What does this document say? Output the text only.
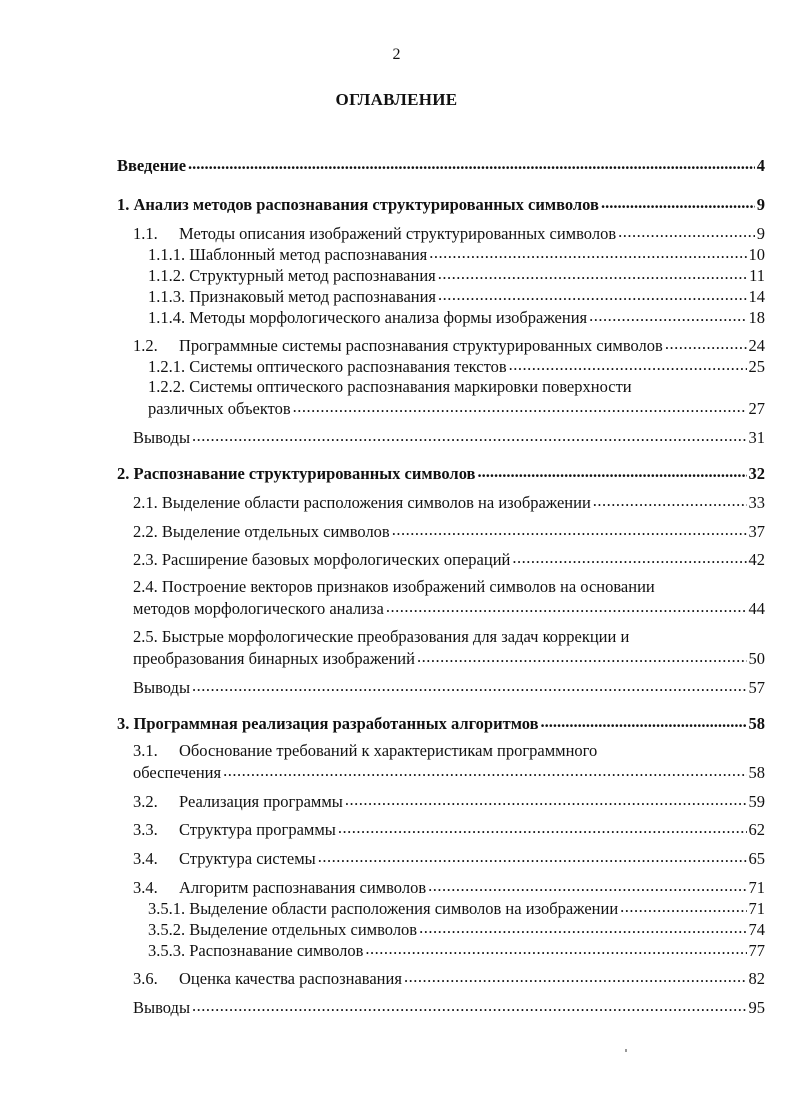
2
ОГЛАВЛЕНИЕ
Введение .....	4
1. Анализ методов распознавания структурированных символов .....	9
1.1.	Методы описания изображений структурированных символов .....	9
1.1.1. Шаблонный метод распознавания .....	10
1.1.2. Структурный метод распознавания .....	11
1.1.3. Признаковый метод распознавания .....	14
1.1.4. Методы морфологического анализа формы изображения .....	18
1.2.	Программные системы распознавания структурированных символов .....	24
1.2.1. Системы оптического распознавания текстов .....	25
1.2.2. Системы оптического распознавания маркировки поверхности
различных объектов .....	27
Выводы .....	31
2. Распознавание структурированных символов .....	32
2.1. Выделение области расположения символов на изображении .....	33
2.2. Выделение отдельных символов .....	37
2.3. Расширение базовых морфологических операций .....	42
2.4. Построение векторов признаков изображений символов на основании
методов морфологического анализа .....	44
2.5. Быстрые морфологические преобразования для задач коррекции и
преобразования бинарных изображений .....	50
Выводы .....	57
3. Программная реализация разработанных алгоритмов .....	58
3.1. Обоснование требований к характеристикам программного
обеспечения .....	58
3.2.	Реализация программы .....	59
3.3.	Структура программы .....	62
3.4.	Структура системы .....	65
3.4.	Алгоритм распознавания символов .....	71
3.5.1. Выделение области расположения символов на изображении .....	71
3.5.2. Выделение отдельных символов .....	74
3.5.3. Распознавание символов .....	77
3.6.	Оценка качества распознавания .....	82
Выводы .....	95
